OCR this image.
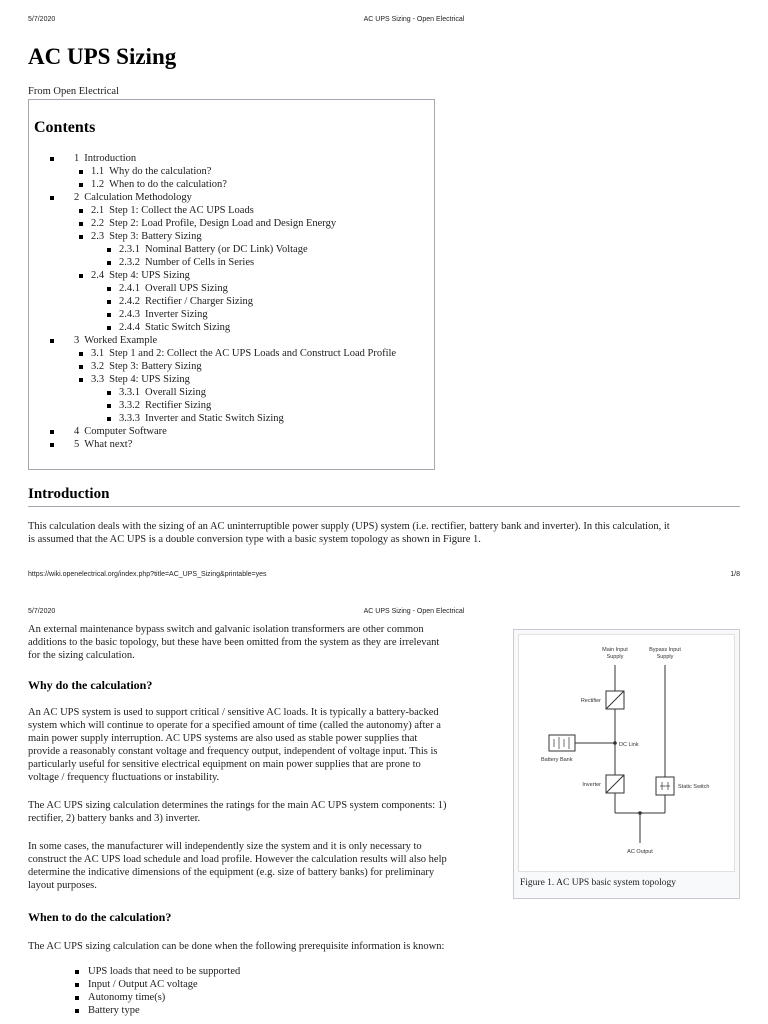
5/7/2020	AC UPS Sizing - Open Electrical
AC UPS Sizing
From Open Electrical
Contents
1 Introduction
1.1 Why do the calculation?
1.2 When to do the calculation?
2 Calculation Methodology
2.1 Step 1: Collect the AC UPS Loads
2.2 Step 2: Load Profile, Design Load and Design Energy
2.3 Step 3: Battery Sizing
2.3.1 Nominal Battery (or DC Link) Voltage
2.3.2 Number of Cells in Series
2.4 Step 4: UPS Sizing
2.4.1 Overall UPS Sizing
2.4.2 Rectifier / Charger Sizing
2.4.3 Inverter Sizing
2.4.4 Static Switch Sizing
3 Worked Example
3.1 Step 1 and 2: Collect the AC UPS Loads and Construct Load Profile
3.2 Step 3: Battery Sizing
3.3 Step 4: UPS Sizing
3.3.1 Overall Sizing
3.3.2 Rectifier Sizing
3.3.3 Inverter and Static Switch Sizing
4 Computer Software
5 What next?
Introduction

This calculation deals with the sizing of an AC uninterruptible power supply (UPS) system (i.e. rectifier, battery bank and inverter). In this calculation, it

is assumed that the AC UPS is a double conversion type with a basic system topology as shown in Figure 1.

https://wiki.openelectrical.org/index.php?title=AC_UPS_Sizing&printable=yes	1/8
5/7/2020	AC UPS Sizing - Open Electrical

An external maintenance bypass switch and galvanic isolation transformers are other common

additions to the basic topology, but these have been omitted from the system as they are irrelevant

for the sizing calculation.

Why do the calculation?

An AC UPS system is used to support critical / sensitive AC loads. It is typically a battery-backed

system which will continue to operate for a specified amount of time (called the autonomy) after a

main power supply interruption. AC UPS systems are also used as stable power supplies that

provide a reasonably constant voltage and frequency output, independent of voltage input. This is

particularly useful for sensitive electrical equipment on main power supplies that are prone to

voltage / frequency fluctuations or instability.

The AC UPS sizing calculation determines the ratings for the main AC UPS system components: 1)

rectifier, 2) battery banks and 3) inverter.

In some cases, the manufacturer will independently size the system and it is only necessary to

construct the AC UPS load schedule and load profile. However the calculation results will also help

determine the indicative dimensions of the equipment (e.g. size of battery banks) for preliminary

layout purposes.

When to do the calculation?

The AC UPS sizing calculation can be done when the following prerequisite information is known:

UPS loads that need to be supported
Input / Output AC voltage
Autonomy time(s)
Battery type
Main Input
Supply
Bypass Input
Supply
Rectifier
DC Link
Battery Bank
Inverter	Static Switch
AC Output
Figure 1. AC UPS basic system topology
